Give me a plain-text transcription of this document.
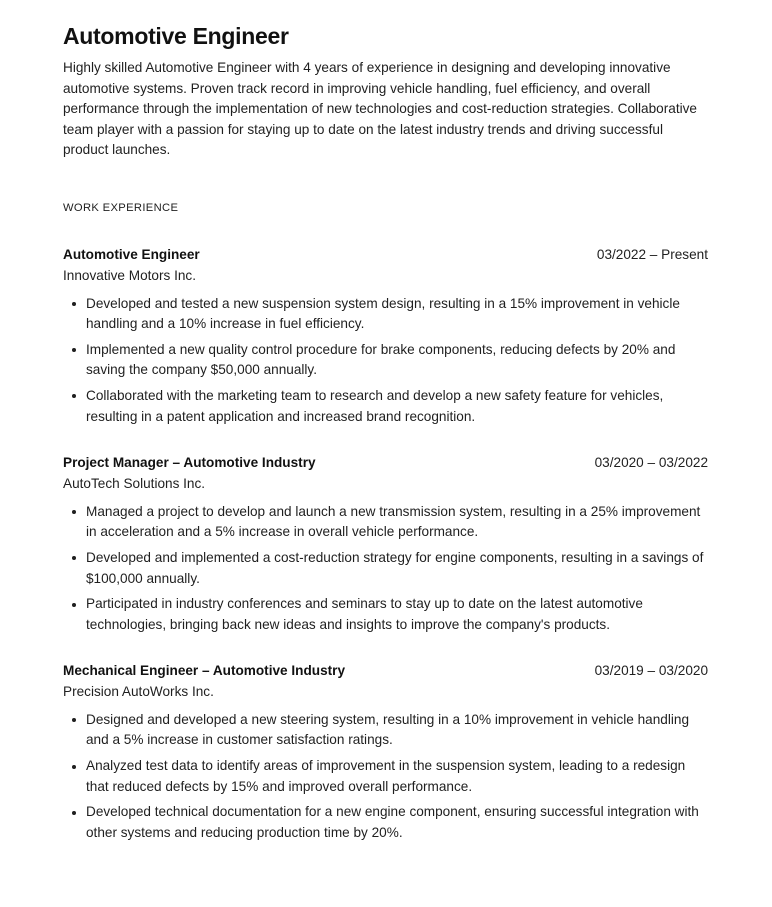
Automotive Engineer

Highly skilled Automotive Engineer with 4 years of experience in designing and developing innovative automotive systems. Proven track record in improving vehicle handling, fuel efficiency, and overall performance through the implementation of new technologies and cost-reduction strategies. Collaborative team player with a passion for staying up to date on the latest industry trends and driving successful product launches.

WORK EXPERIENCE
Automotive Engineer	03/2022 – Present
Innovative Motors Inc.
Developed and tested a new suspension system design, resulting in a 15% improvement in vehicle handling and a 10% increase in fuel efficiency.
Implemented a new quality control procedure for brake components, reducing defects by 20% and saving the company $50,000 annually.
Collaborated with the marketing team to research and develop a new safety feature for vehicles, resulting in a patent application and increased brand recognition.
Project Manager – Automotive Industry	03/2020 – 03/2022
AutoTech Solutions Inc.
Managed a project to develop and launch a new transmission system, resulting in a 25% improvement in acceleration and a 5% increase in overall vehicle performance.
Developed and implemented a cost-reduction strategy for engine components, resulting in a savings of $100,000 annually.
Participated in industry conferences and seminars to stay up to date on the latest automotive technologies, bringing back new ideas and insights to improve the company's products.
Mechanical Engineer – Automotive Industry	03/2019 – 03/2020
Precision AutoWorks Inc.
Designed and developed a new steering system, resulting in a 10% improvement in vehicle handling and a 5% increase in customer satisfaction ratings.
Analyzed test data to identify areas of improvement in the suspension system, leading to a redesign that reduced defects by 15% and improved overall performance.
Developed technical documentation for a new engine component, ensuring successful integration with other systems and reducing production time by 20%.
